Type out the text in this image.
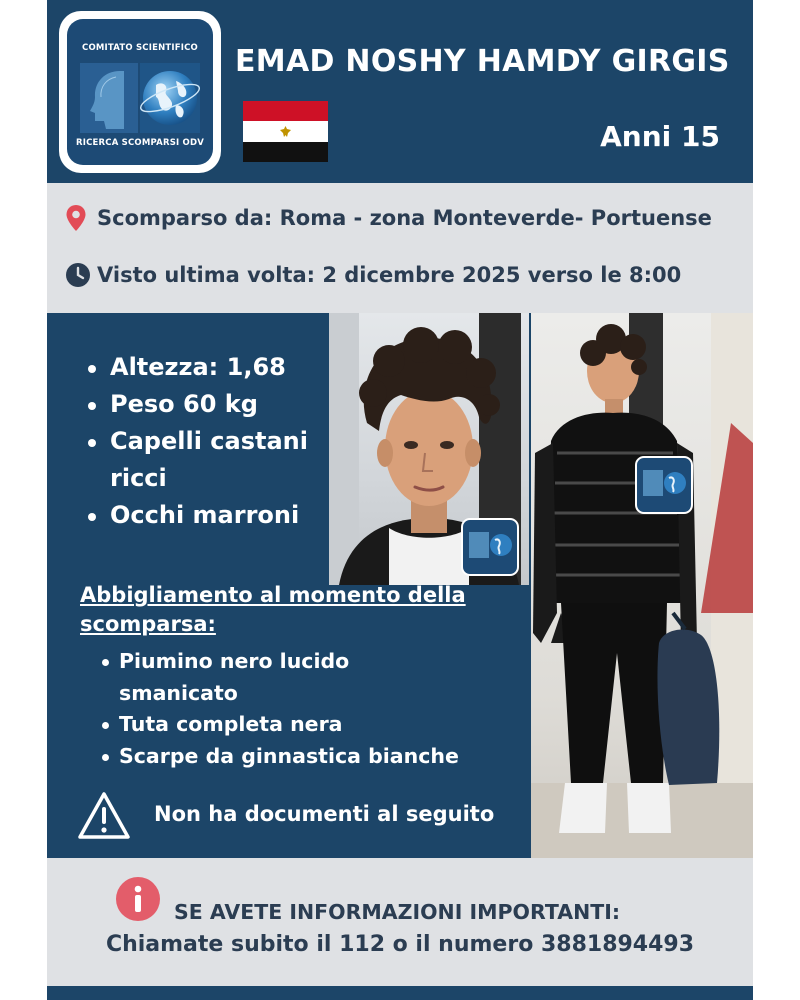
COMITATO SCIENTIFICO
RICERCA SCOMPARSI ODV
EMAD NOSHY HAMDY GIRGIS
Anni 15
Scomparso da: Roma - zona Monteverde- Portuense
Visto ultima volta: 2 dicembre 2025 verso le 8:00
Altezza: 1,68
Peso 60 kg
Capelli castani ricci
Occhi marroni
Abbigliamento al momento della scomparsa:
Piumino nero lucido smanicato
Tuta completa nera
Scarpe da ginnastica bianche
Non ha documenti al seguito
SE AVETE INFORMAZIONI IMPORTANTI:
Chiamate subito il 112 o il numero 3881894493
